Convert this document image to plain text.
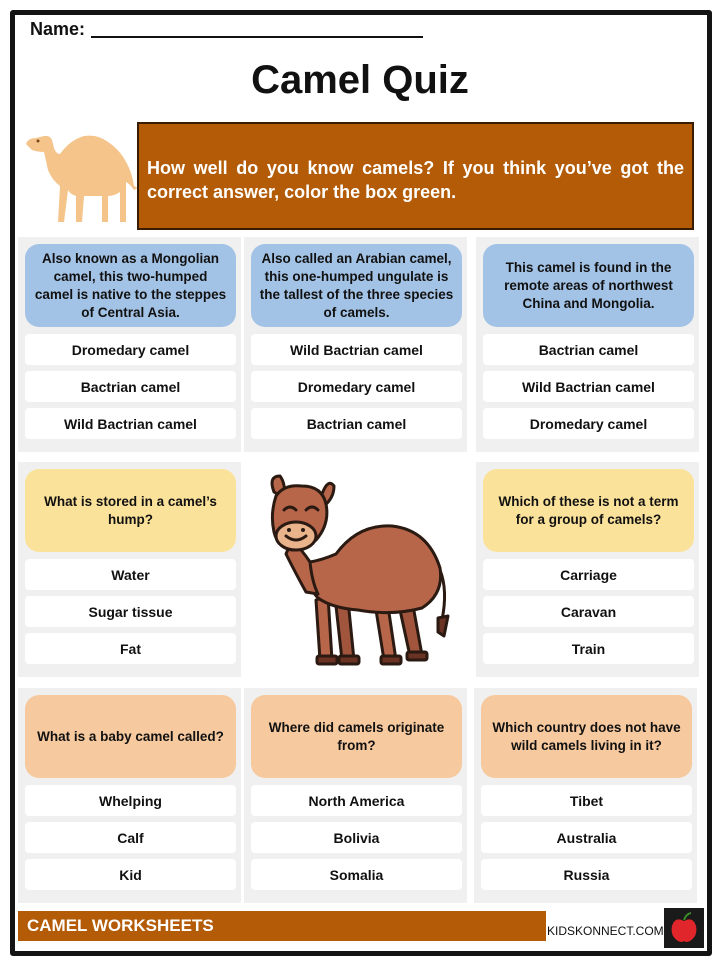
Name:
Camel Quiz
How well do you know camels? If you think you’ve got the correct answer, color the box green.
Also known as a Mongolian camel, this two-humped camel is native to the steppes of Central Asia.
Dromedary camel
Bactrian camel
Wild Bactrian camel
Also called an Arabian camel, this one-humped ungulate is the tallest of the three species of camels.
Wild Bactrian camel
Dromedary camel
Bactrian camel
This camel is found in the remote areas of northwest China and Mongolia.
Bactrian camel
Wild Bactrian camel
Dromedary camel
What is stored in a camel’s hump?
Water
Sugar tissue
Fat
Which of these is not a term for a group of camels?
Carriage
Caravan
Train
What is a baby camel called?
Whelping
Calf
Kid
Where did camels originate from?
North America
Bolivia
Somalia
Which country does not have wild camels living in it?
Tibet
Australia
Russia
CAMEL WORKSHEETS	KIDSKONNECT.COM
